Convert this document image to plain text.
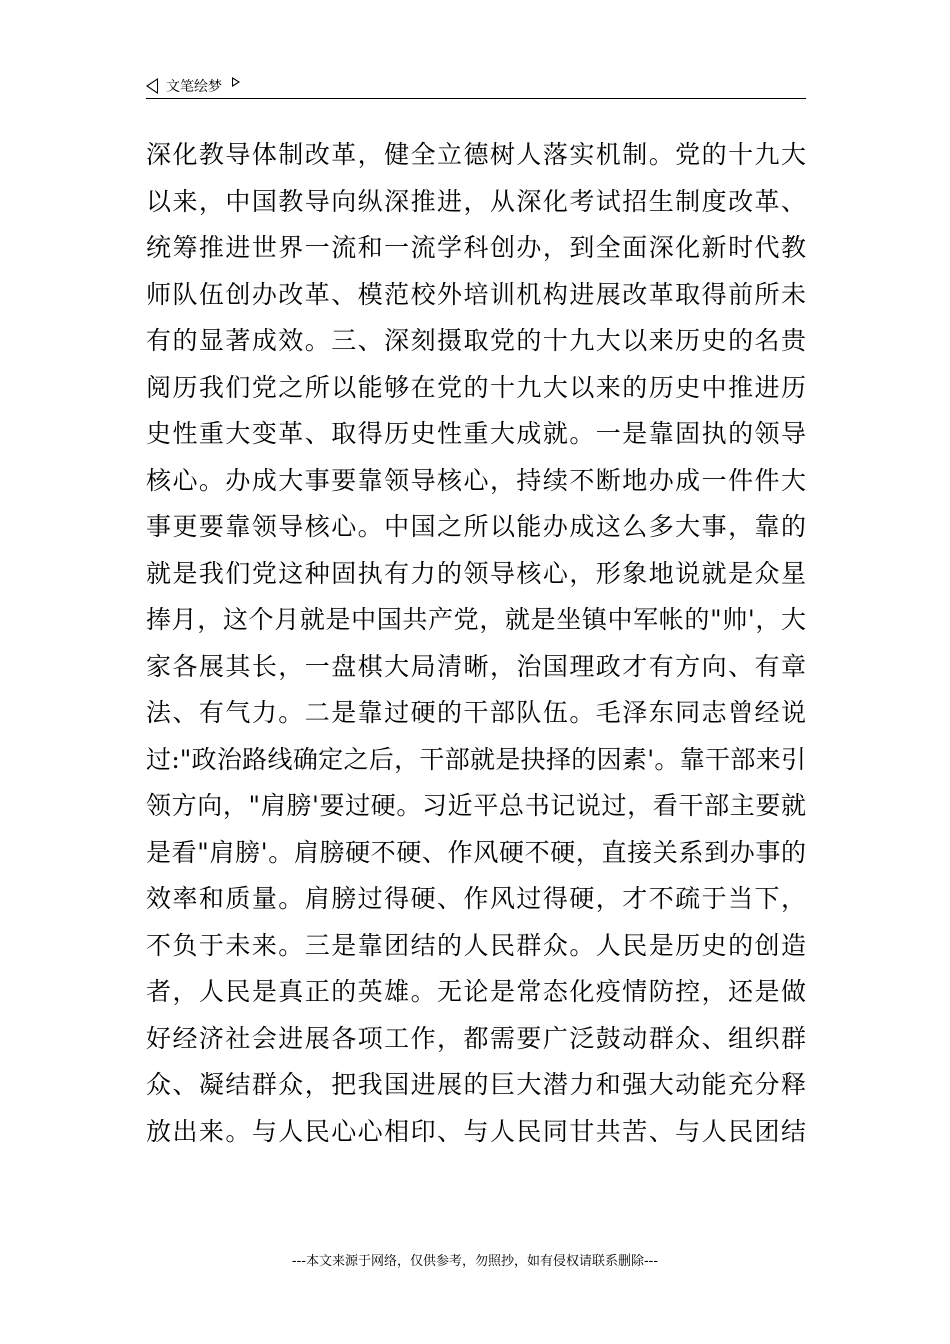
文笔绘梦
深化教导体制改革，健全立德树人落实机制。党的十九大
以来，中国教导向纵深推进，从深化考试招生制度改革、
统筹推进世界一流和一流学科创办，到全面深化新时代教
师队伍创办改革、模范校外培训机构进展改革取得前所未
有的显著成效。三、深刻摄取党的十九大以来历史的名贵
阅历我们党之所以能够在党的十九大以来的历史中推进历
史性重大变革、取得历史性重大成就。一是靠固执的领导
核心。办成大事要靠领导核心，持续不断地办成一件件大
事更要靠领导核心。中国之所以能办成这么多大事，靠的
就是我们党这种固执有力的领导核心，形象地说就是众星
捧月，这个月就是中国共产党，就是坐镇中军帐的"帅'，大
家各展其长，一盘棋大局清晰，治国理政才有方向、有章
法、有气力。二是靠过硬的干部队伍。毛泽东同志曾经说
过:"政治路线确定之后，干部就是抉择的因素'。靠干部来引
领方向，"肩膀'要过硬。习近平总书记说过，看干部主要就
是看"肩膀'。肩膀硬不硬、作风硬不硬，直接关系到办事的
效率和质量。肩膀过得硬、作风过得硬，才不疏于当下，
不负于未来。三是靠团结的人民群众。人民是历史的创造
者，人民是真正的英雄。无论是常态化疫情防控，还是做
好经济社会进展各项工作，都需要广泛鼓动群众、组织群
众、凝结群众，把我国进展的巨大潜力和强大动能充分释
放出来。与人民心心相印、与人民同甘共苦、与人民团结
---本文来源于网络，仅供参考，勿照抄，如有侵权请联系删除---
